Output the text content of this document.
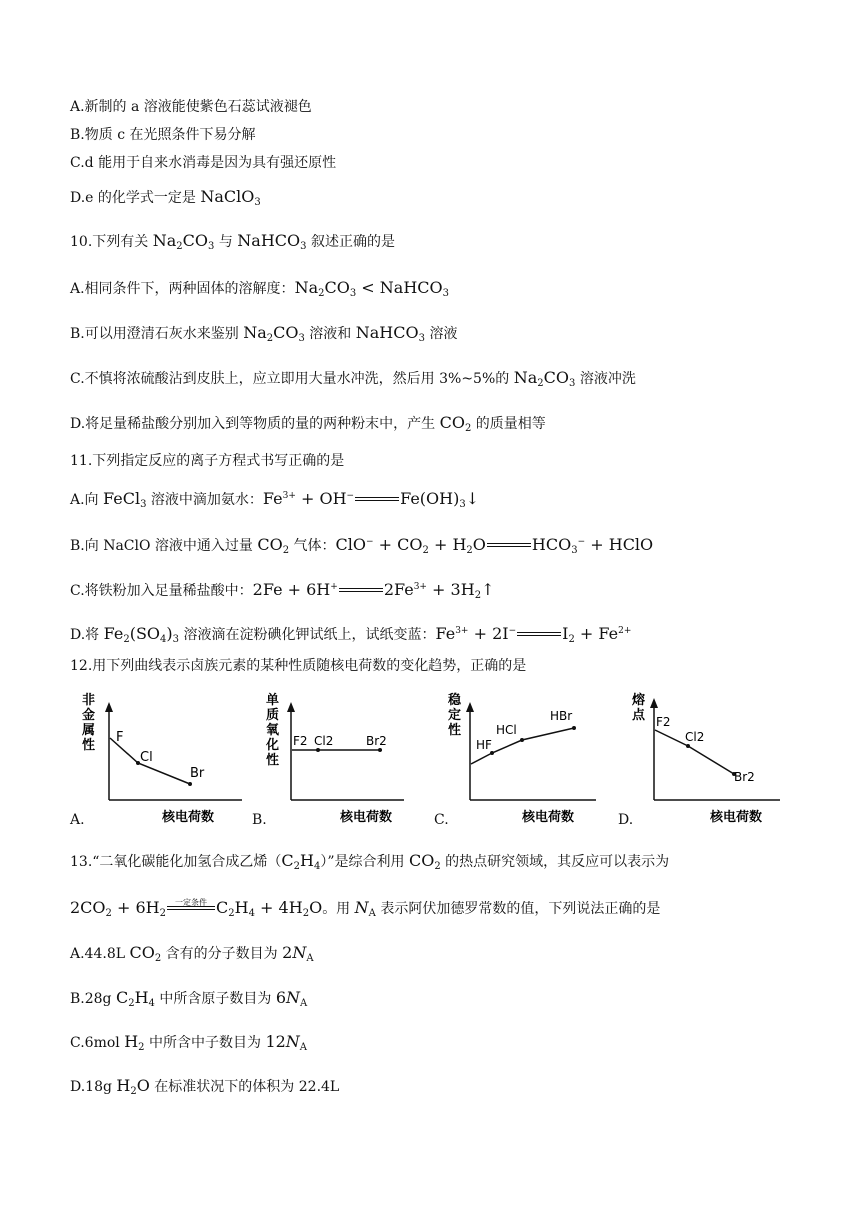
A.新制的 a 溶液能使紫色石蕊试液褪色
B.物质 c 在光照条件下易分解
C.d 能用于自来水消毒是因为具有强还原性
D.e 的化学式一定是 NaClO$_3$
10.下列有关 $Na_2CO_3$ 与 NaHCO$_3$ 叙述正确的是
A.相同条件下，两种固体的溶解度：$Na_2CO_3$ < NaHCO$_3$
B.可以用澄清石灰水来鉴别 $Na_2CO_3$ 溶液和 NaHCO$_3$ 溶液
C.不慎将浓硫酸沾到皮肤上，应立即用大量水冲洗，然后用 3%~5%的 $Na_2CO_3$ 溶液冲洗
D.将足量稀盐酸分别加入到等物质的量的两种粉末中，产生 $CO_2$ 的质量相等
11.下列指定反应的离子方程式书写正确的是
A.向 FeCl$_3$ 溶液中滴加氨水：$Fe^{3+} + OH^-$	$Fe(OH)_3↓$
B.向 NaClO 溶液中通入过量 $CO_2$ 气体：$ClO^- + CO_2 + H_2O$	$HCO_3^-$ + HClO
C.将铁粉加入足量稀盐酸中：2Fe + 6H+	$2Fe^{3+}$ + $3H_2↑$
D.将 $Fe_2(SO_4)_3$ 溶液滴在淀粉碘化钾试纸上，试纸变蓝：$Fe^{3+} + 2I^-$	$I_2 + Fe^{2+}$
12.用下列曲线表示卤族元素的某种性质随核电荷数的变化趋势，正确的是
非
金
属
性
F
Cl
Br
核电荷数
A.
单
质
氧
化
性
F2 Cl2	Br2
核电荷数
B.
稳
定
性
HF
HCl
HBr
核电荷数
C.
熔
点 F2
Cl2
Br2
核电荷数
D.
13.“二氧化碳能化加氢合成乙烯$(C_2H_4)$”是综合利用 $CO_2$ 的热点研究领域，其反应可以表示为
$2CO_2 + 6H_2$
一定条件 $C_2H_4 + 4H_2O$。用 $N_A$ 表示阿伏加德罗常数的值，下列说法正确的是
A.44.8L $CO_2$ 含有的分子数目为 $2N_A$
B.28g $C_2H_4$ 中所含原子数目为 $6N_A$
C.6mol $H_2$ 中所含中子数目为 $12N_A$
D.18g $H_2O$ 在标准状况下的体积为 22.4L
